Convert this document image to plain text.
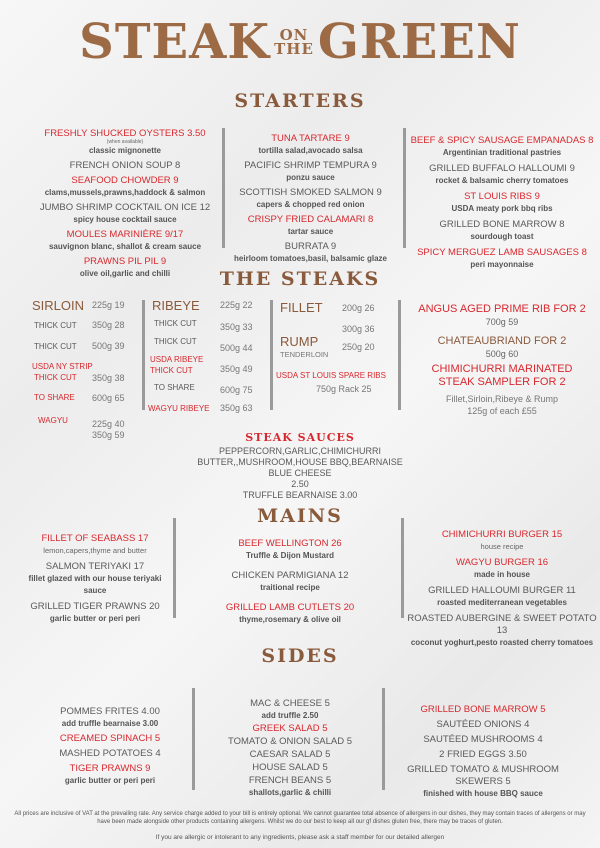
STEAK ON
THEGREEN
STARTERS
FRESHLY SHUCKED OYSTERS 3.50
(when available)
classic mignonette
FRENCH ONION SOUP 8
SEAFOOD CHOWDER 9
clams,mussels,prawns,haddock & salmon
JUMBO SHRIMP COCKTAIL ON ICE 12
spicy house cocktail sauce
MOULES MARINIÈRE 9/17
sauvignon blanc, shallot & cream sauce
PRAWNS PIL PIL 9
olive oil,garlic and chilli
TUNA TARTARE 9
tortilla salad,avocado salsa
PACIFIC SHRIMP TEMPURA 9
ponzu sauce
SCOTTISH SMOKED SALMON 9
capers & chopped red onion
CRISPY FRIED CALAMARI 8
tartar sauce
BURRATA 9
heirloom tomatoes,basil, balsamic glaze
BEEF & SPICY SAUSAGE EMPANADAS 8
Argentinian traditional pastries
GRILLED BUFFALO HALLOUMI 9
rocket & balsamic cherry tomatoes
ST LOUIS RIBS 9
USDA meaty pork bbq ribs
GRILLED BONE MARROW 8
sourdough toast
SPICY MERGUEZ LAMB SAUSAGES 8
peri mayonnaise
THE STEAKS
SIRLOIN 225g 19
THICK CUT 350g 28
THICK CUT 500g 39
USDA NY STRIP
THICK CUT 350g 38
TO SHARE 600g 65
WAGYU	225g 40
350g 59
RIBEYE 225g 22
THICK CUT	350g 33
THICK CUT
500g 44
USDA RIBEYE
THICK CUT	350g 49
TO SHARE	600g 75
WAGYU RIBEYE 350g 63
FILLET 200g 26
300g 36
RUMP	250g 20
TENDERLOIN
USDA ST LOUIS SPARE RIBS
750g Rack 25
ANGUS AGED PRIME RIB FOR 2
700g 59
CHATEAUBRIAND FOR 2
500g 60
CHIMICHURRI MARINATED STEAK SAMPLER FOR 2
Fillet,Sirloin,Ribeye & Rump
125g of each £55
STEAK SAUCES
PEPPERCORN,GARLIC,CHIMICHURRI
BUTTER,,MUSHROOM,HOUSE BBQ,BEARNAISE
BLUE CHEESE
2.50
TRUFFLE BEARNAISE 3.00
MAINS
FILLET OF SEABASS 17
lemon,capers,thyme and butter
SALMON TERIYAKI 17
fillet glazed with our house teriyaki sauce
GRILLED TIGER PRAWNS 20
garlic butter or peri peri
BEEF WELLINGTON 26
Truffle & Dijon Mustard
CHICKEN PARMIGIANA 12
traitional recipe
GRILLED LAMB CUTLETS 20
thyme,rosemary & olive oil
CHIMICHURRI BURGER 15
house recipe
WAGYU BURGER 16
made in house
GRILLED HALLOUMI BURGER 11
roasted mediterranean vegetables
ROASTED AUBERGINE & SWEET POTATO 13
coconut yoghurt,pesto roasted cherry tomatoes
SIDES
POMMES FRITES 4.00
add truffle bearnaise 3.00
CREAMED SPINACH 5
MASHED POTATOES 4
TIGER PRAWNS 9
garlic butter or peri peri
MAC & CHEESE 5
add truffle 2.50
GREEK SALAD 5
TOMATO & ONION SALAD 5
CAESAR SALAD 5
HOUSE SALAD 5
FRENCH BEANS 5
shallots,garlic & chilli
GRILLED BONE MARROW 5
SAUTÉED ONIONS 4
SAUTÉED MUSHROOMS 4
2 FRIED EGGS 3.50
GRILLED TOMATO & MUSHROOM SKEWERS 5
finished with house BBQ sauce
All prices are inclusive of VAT at the prevailing rate. Any service charge added to your bill is entirely optional. We cannot guarantee total absence of allergens in our dishes, they may contain traces of allergens or may have been made alongside other products containing allergens. Whilst we do our best to keep all our gf dishes gluten free, there may be traces of gluten.
If you are allergic or intolerant to any ingredients, please ask a staff member for our detailed allergen
